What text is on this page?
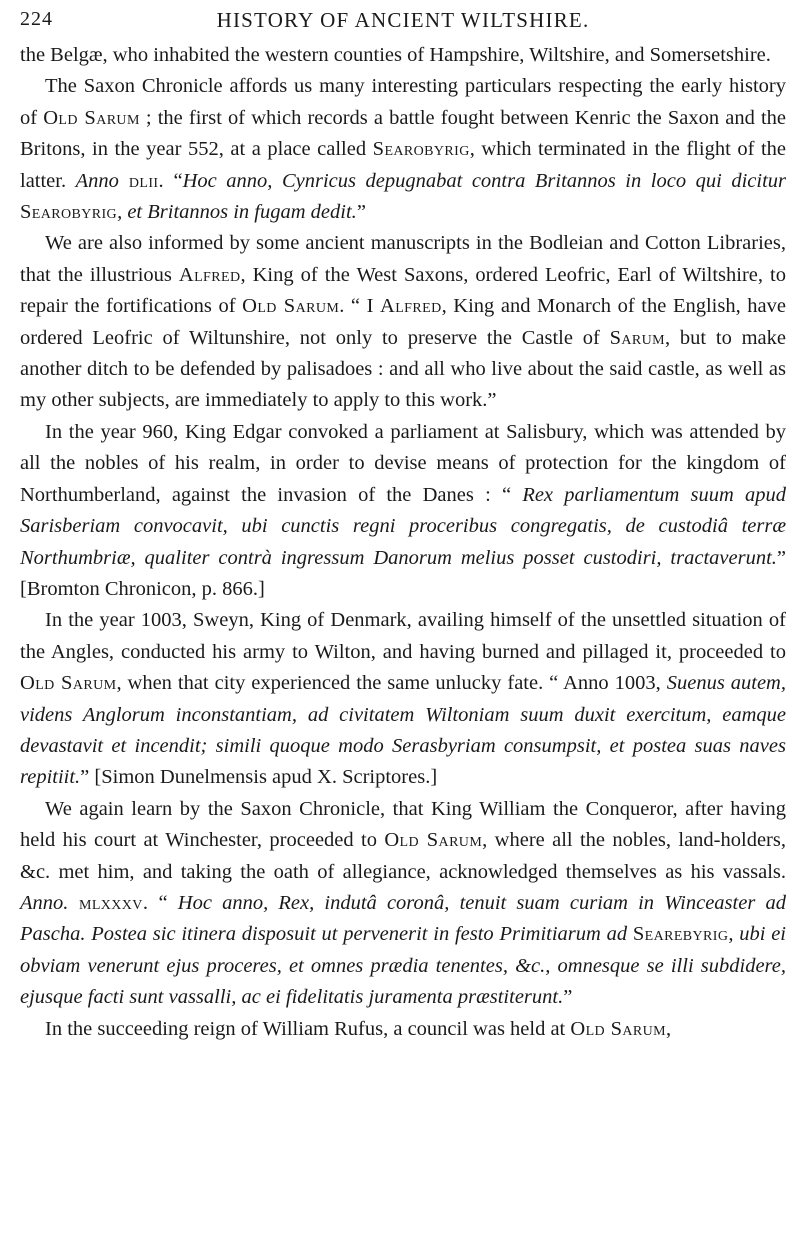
224	HISTORY OF ANCIENT WILTSHIRE.

the Belgæ, who inhabited the western counties of Hampshire, Wiltshire, and Somersetshire.

The Saxon Chronicle affords us many interesting particulars respecting the early history of Old Sarum ; the first of which records a battle fought between Kenric the Saxon and the Britons, in the year 552, at a place called Searobyrig, which terminated in the flight of the latter. Anno dlii. “Hoc anno, Cynricus depugnabat contra Britannos in loco qui dicitur Searobyrig, et Britannos in fugam dedit.”

We are also informed by some ancient manuscripts in the Bodleian and Cotton Libraries, that the illustrious Alfred, King of the West Saxons, ordered Leofric, Earl of Wiltshire, to repair the fortifications of Old Sarum. “ I Alfred, King and Monarch of the English, have ordered Leofric of Wiltunshire, not only to preserve the Castle of Sarum, but to make another ditch to be defended by palisadoes : and all who live about the said castle, as well as my other subjects, are immediately to apply to this work.”

In the year 960, King Edgar convoked a parliament at Salisbury, which was attended by all the nobles of his realm, in order to devise means of protection for the kingdom of Northumberland, against the invasion of the Danes : “ Rex parliamentum suum apud Sarisberiam convocavit, ubi cunctis regni proceribus congregatis, de custodiâ terræ Northumbriæ, qualiter contrà ingressum Danorum melius posset custodiri, tractaverunt.” [Bromton Chronicon, p. 866.]

In the year 1003, Sweyn, King of Denmark, availing himself of the unsettled situation of the Angles, conducted his army to Wilton, and having burned and pillaged it, proceeded to Old Sarum, when that city experienced the same unlucky fate. “ Anno 1003, Suenus autem, videns Anglorum inconstantiam, ad civitatem Wiltoniam suum duxit exercitum, eamque devastavit et incendit; simili quoque modo Serasbyriam consumpsit, et postea suas naves repitiit.” [Simon Dunelmensis apud X. Scriptores.]

We again learn by the Saxon Chronicle, that King William the Conqueror, after having held his court at Winchester, proceeded to Old Sarum, where all the nobles, land-holders, &c. met him, and taking the oath of allegiance, acknowledged themselves as his vassals. Anno. mlxxxv. “ Hoc anno, Rex, indutâ coronâ, tenuit suam curiam in Winceaster ad Pascha. Postea sic itinera disposuit ut pervenerit in festo Primitiarum ad Searebyrig, ubi ei obviam venerunt ejus proceres, et omnes prædia tenentes, &c., omnesque se illi subdidere, ejusque facti sunt vassalli, ac ei fidelitatis juramenta præstiterunt.”

In the succeeding reign of William Rufus, a council was held at Old Sarum,
